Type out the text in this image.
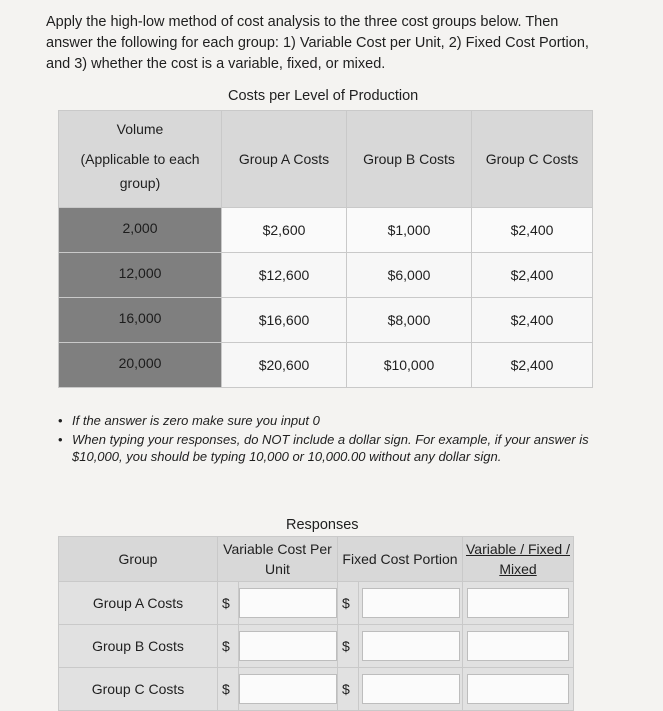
Apply the high-low method of cost analysis to the three cost groups below. Then answer the following for each group: 1) Variable Cost per Unit, 2) Fixed Cost Portion, and 3) whether the cost is a variable, fixed, or mixed.
Costs per Level of Production
Volume
(Applicable to each group)	Group A Costs	Group B Costs	Group C Costs
2,000	$2,600	$1,000	$2,400
12,000	$12,600	$6,000	$2,400
16,000	$16,600	$8,000	$2,400
20,000	$20,600	$10,000	$2,400
• If the answer is zero make sure you input 0
• When typing your responses, do NOT include a dollar sign. For example, if your answer is $10,000, you should be typing 10,000 or 10,000.00 without any dollar sign.
Responses
Group	Variable Cost Per Unit		Fixed Cost Portion		Variable / Fixed / Mixed
Group A Costs	$		$	

Group B Costs	$		$	

Group C Costs	$		$	
